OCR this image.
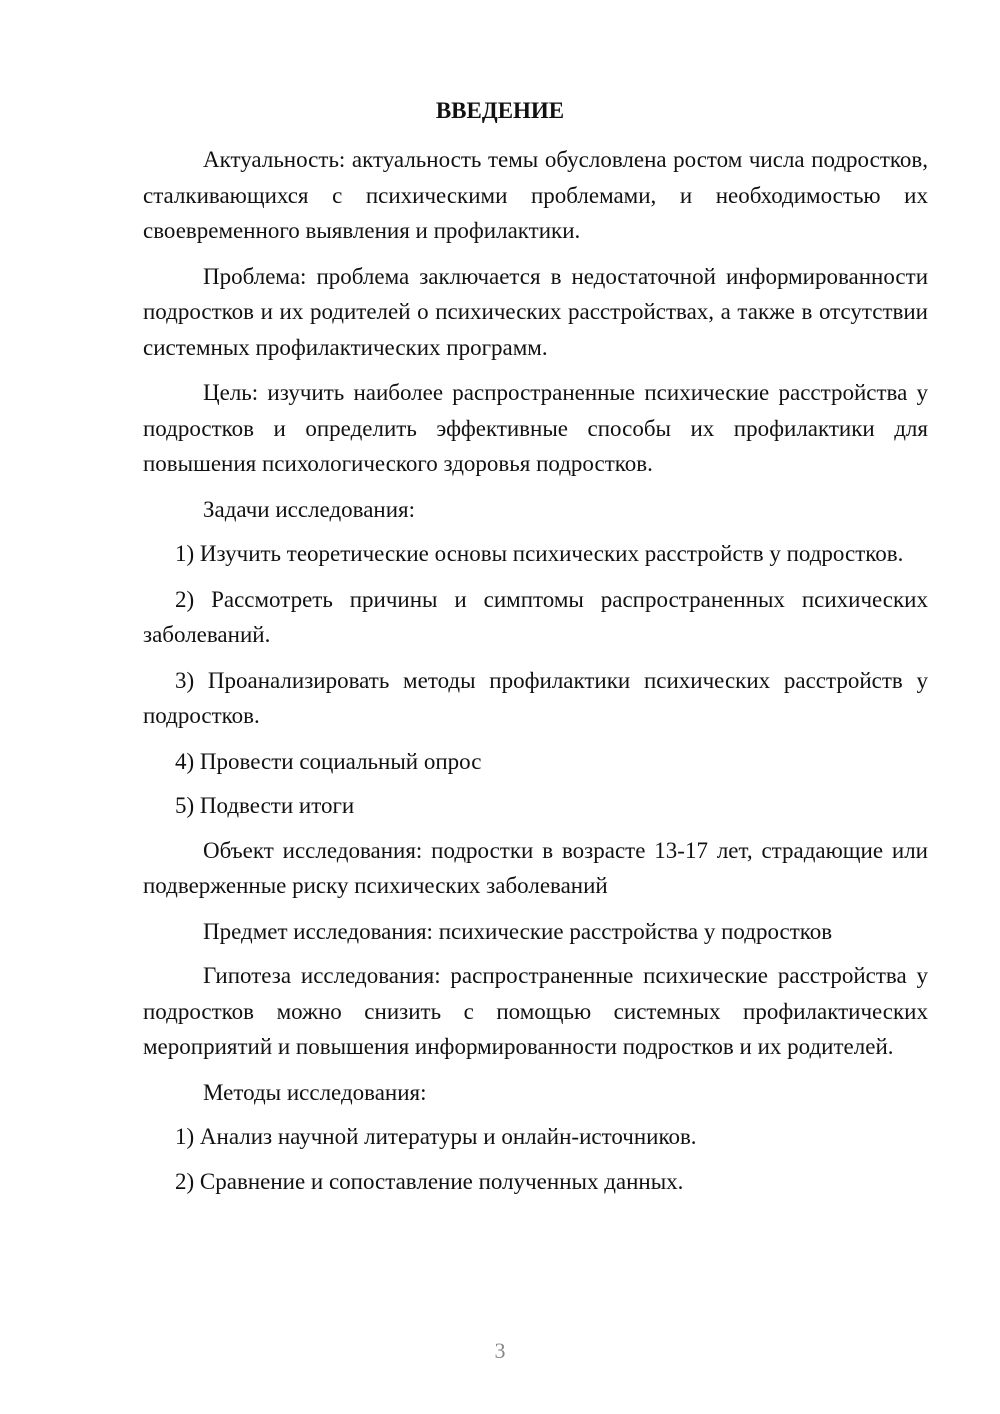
ВВЕДЕНИЕ

Актуальность: актуальность темы обусловлена ростом числа подростков, сталкивающихся с психическими проблемами, и необходимостью их своевременного выявления и профилактики.

Проблема: проблема заключается в недостаточной информированности подростков и их родителей о психических расстройствах, а также в отсутствии системных профилактических программ.

Цель: изучить наиболее распространенные психические расстройства у подростков и определить эффективные способы их профилактики для повышения психологического здоровья подростков.

Задачи исследования:

1) Изучить теоретические основы психических расстройств у подростков.

2) Рассмотреть причины и симптомы распространенных психических заболеваний.

3) Проанализировать методы профилактики психических расстройств у подростков.

4) Провести социальный опрос

5) Подвести итоги

Объект исследования: подростки в возрасте 13-17 лет, страдающие или подверженные риску психических заболеваний

Предмет исследования: психические расстройства у подростков

Гипотеза исследования: распространенные психические расстройства у подростков можно снизить с помощью системных профилактических мероприятий и повышения информированности подростков и их родителей.

Методы исследования:

1) Анализ научной литературы и онлайн-источников.

2) Сравнение и сопоставление полученных данных.

3
